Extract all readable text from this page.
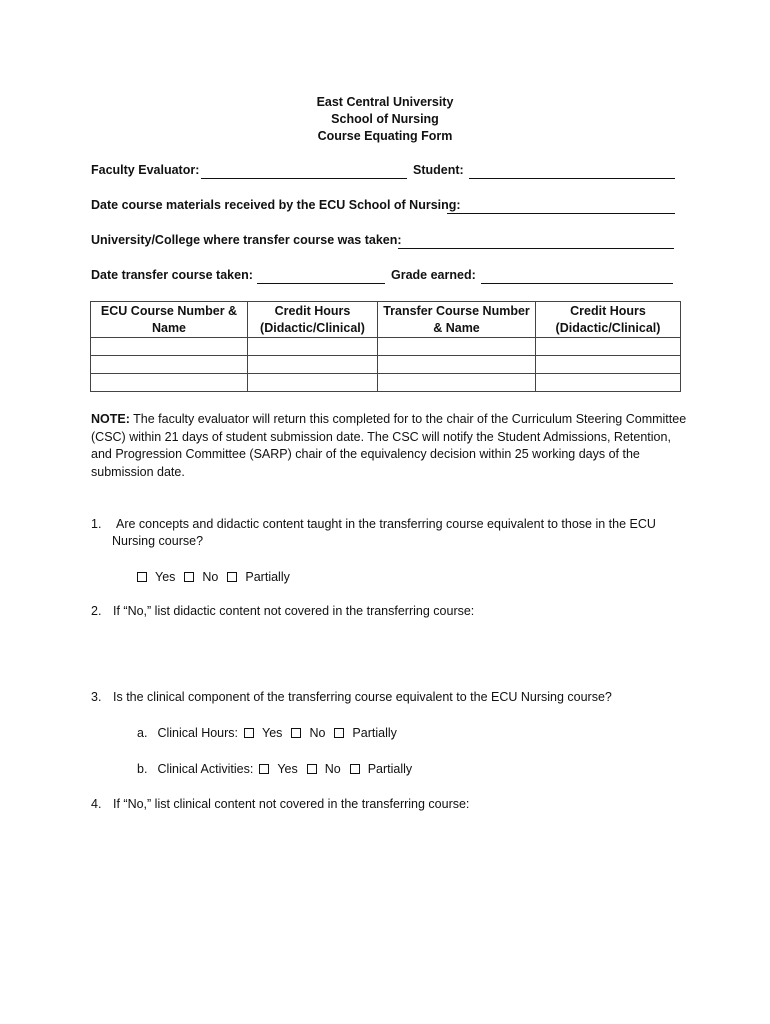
East Central University
School of Nursing
Course Equating Form
Faculty Evaluator:	Student:
Date course materials received by the ECU School of Nursing:
University/College where transfer course was taken:
Date transfer course taken:	Grade earned:
ECU Course Number & Name	Credit Hours (Didactic/Clinical)	Transfer Course Number & Name	Credit Hours (Didactic/Clinical)

NOTE: The faculty evaluator will return this completed for to the chair of the Curriculum Steering Committee (CSC) within 21 days of student submission date. The CSC will notify the Student Admissions, Retention, and Progression Committee (SARP) chair of the equivalency decision within 25 working days of the submission date.
1. Are concepts and didactic content taught in the transferring course equivalent to those in the ECU
Nursing course?
Yes No Partially
2. If “No,” list didactic content not covered in the transferring course:
3. Is the clinical component of the transferring course equivalent to the ECU Nursing course?
a. Clinical Hours: Yes No Partially
b. Clinical Activities: Yes No Partially
4. If “No,” list clinical content not covered in the transferring course:
